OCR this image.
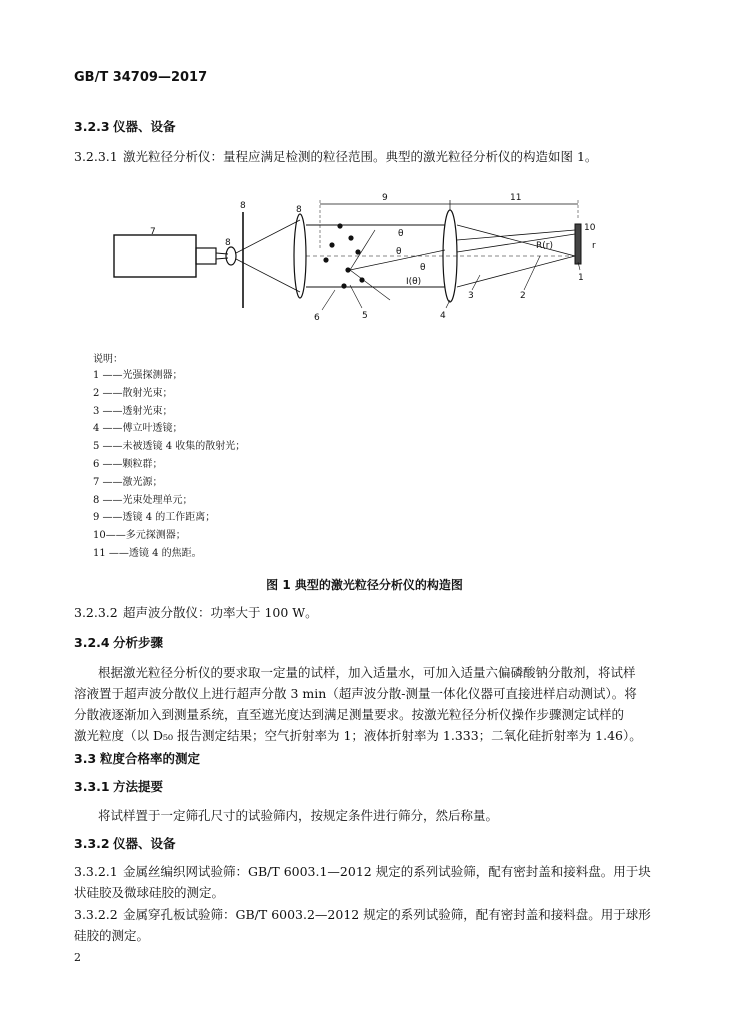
GB/T 34709—2017
3.2.3 仪器、设备
3.2.3.1 激光粒径分析仪：量程应满足检测的粒径范围。典型的激光粒径分析仪的构造如图 1。
7
8
8	8
9	11
10
θ
θ
θ
I(θ)
R(r)	r
1
2
3
4
5
6
说明：
1 ——光强探测器；
2 ——散射光束；
3 ——透射光束；
4 ——傅立叶透镜；
5 ——未被透镜 4 收集的散射光；
6 ——颗粒群；
7 ——激光源；
8 ——光束处理单元；
9 ——透镜 4 的工作距离；
10——多元探测器；
11 ——透镜 4 的焦距。
图 1 典型的激光粒径分析仪的构造图
3.2.3.2 超声波分散仪：功率大于 100 W。
3.2.4 分析步骤
根据激光粒径分析仪的要求取一定量的试样，加入适量水，可加入适量六偏磷酸钠分散剂，将试样
溶液置于超声波分散仪上进行超声分散 3 min（超声波分散-测量一体化仪器可直接进样启动测试）。将
分散液逐渐加入到测量系统，直至遮光度达到满足测量要求。按激光粒径分析仪操作步骤测定试样的
激光粒度（以 D₅₀ 报告测定结果；空气折射率为 1；液体折射率为 1.333；二氧化硅折射率为 1.46）。
3.3 粒度合格率的测定
3.3.1 方法提要
将试样置于一定筛孔尺寸的试验筛内，按规定条件进行筛分，然后称量。
3.3.2 仪器、设备
3.3.2.1 金属丝编织网试验筛：GB/T 6003.1—2012 规定的系列试验筛，配有密封盖和接料盘。用于块
状硅胶及微球硅胶的测定。
3.3.2.2 金属穿孔板试验筛：GB/T 6003.2—2012 规定的系列试验筛，配有密封盖和接料盘。用于球形
硅胶的测定。
2
